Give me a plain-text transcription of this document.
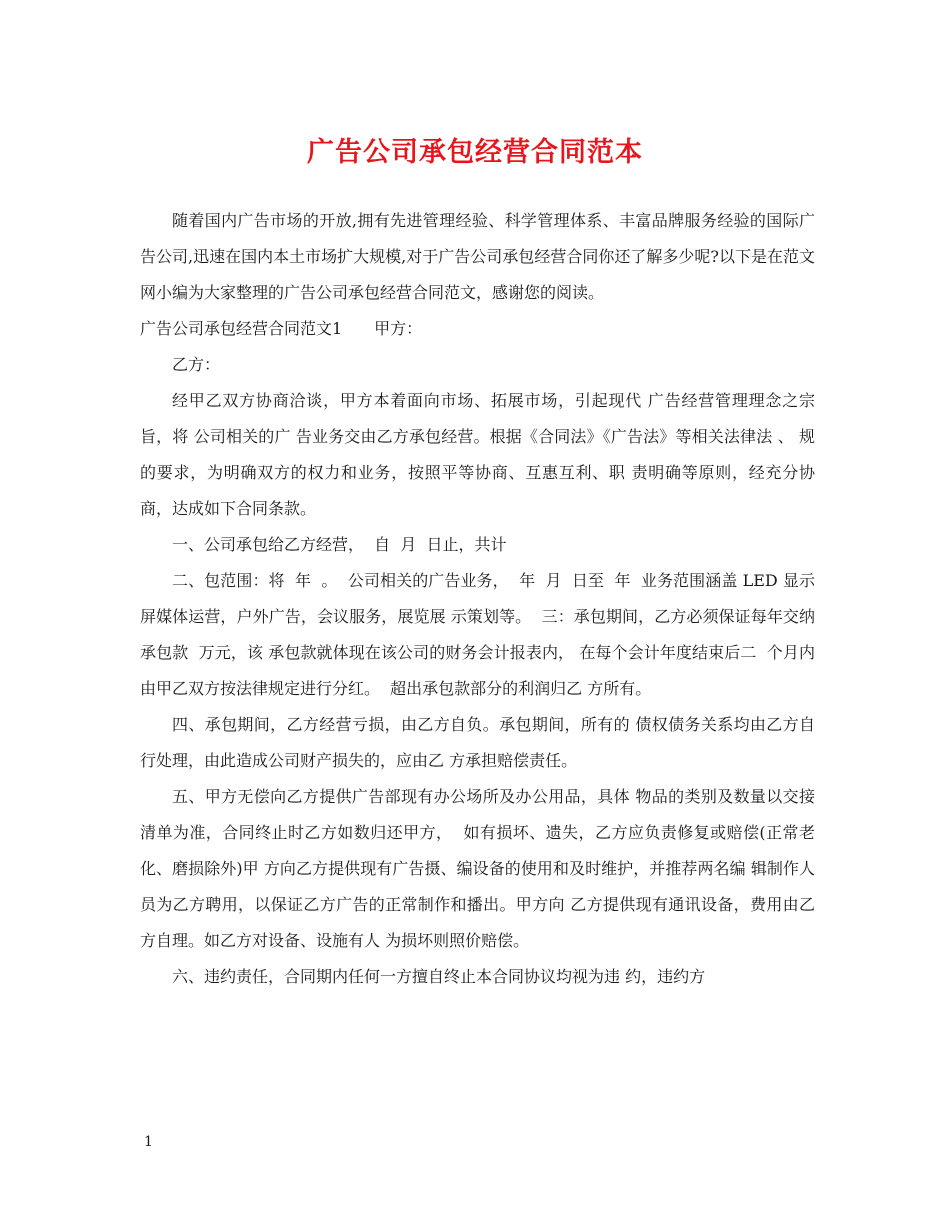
广告公司承包经营合同范本

随着国内广告市场的开放,拥有先进管理经验、科学管理体系、丰富品牌服务经验的国际广告公司,迅速在国内本土市场扩大规模,对于广告公司承包经营合同你还了解多少呢?以下是在范文网小编为大家整理的广告公司承包经营合同范文，感谢您的阅读。

广告公司承包经营合同范文1　　甲方：

乙方：

经甲乙双方协商洽谈，甲方本着面向市场、拓展市场，引起现代 广告经营管理理念之宗旨，将 公司相关的广 告业务交由乙方承包经营。根据《合同法》《广告法》等相关法律法 、 规的要求，为明确双方的权力和业务，按照平等协商、互惠互利、职 责明确等原则，经充分协商，达成如下合同条款。

一、公司承包给乙方经营，  自  月  日止，共计

二、包范围：将  年  。  公司相关的广告业务，  年  月  日至  年  业务范围涵盖 LED 显示屏媒体运营，户外广告，会议服务，展览展 示策划等。  三：承包期间，乙方必须保证每年交纳承包款  万元，该 承包款就体现在该公司的财务会计报表内， 在每个会计年度结束后二  个月内由甲乙双方按法律规定进行分红。  超出承包款部分的利润归乙 方所有。

四、承包期间，乙方经营亏损，由乙方自负。承包期间，所有的 债权债务关系均由乙方自行处理，由此造成公司财产损失的，应由乙 方承担赔偿责任。

五、甲方无偿向乙方提供广告部现有办公场所及办公用品，具体 物品的类别及数量以交接清单为准，合同终止时乙方如数归还甲方，  如有损坏、遗失，乙方应负责修复或赔偿(正常老化、磨损除外)甲 方向乙方提供现有广告摄、编设备的使用和及时维护，并推荐两名编 辑制作人员为乙方聘用，以保证乙方广告的正常制作和播出。甲方向 乙方提供现有通讯设备，费用由乙方自理。如乙方对设备、设施有人 为损坏则照价赔偿。

六、违约责任，合同期内任何一方擅自终止本合同协议均视为违 约，违约方

1
